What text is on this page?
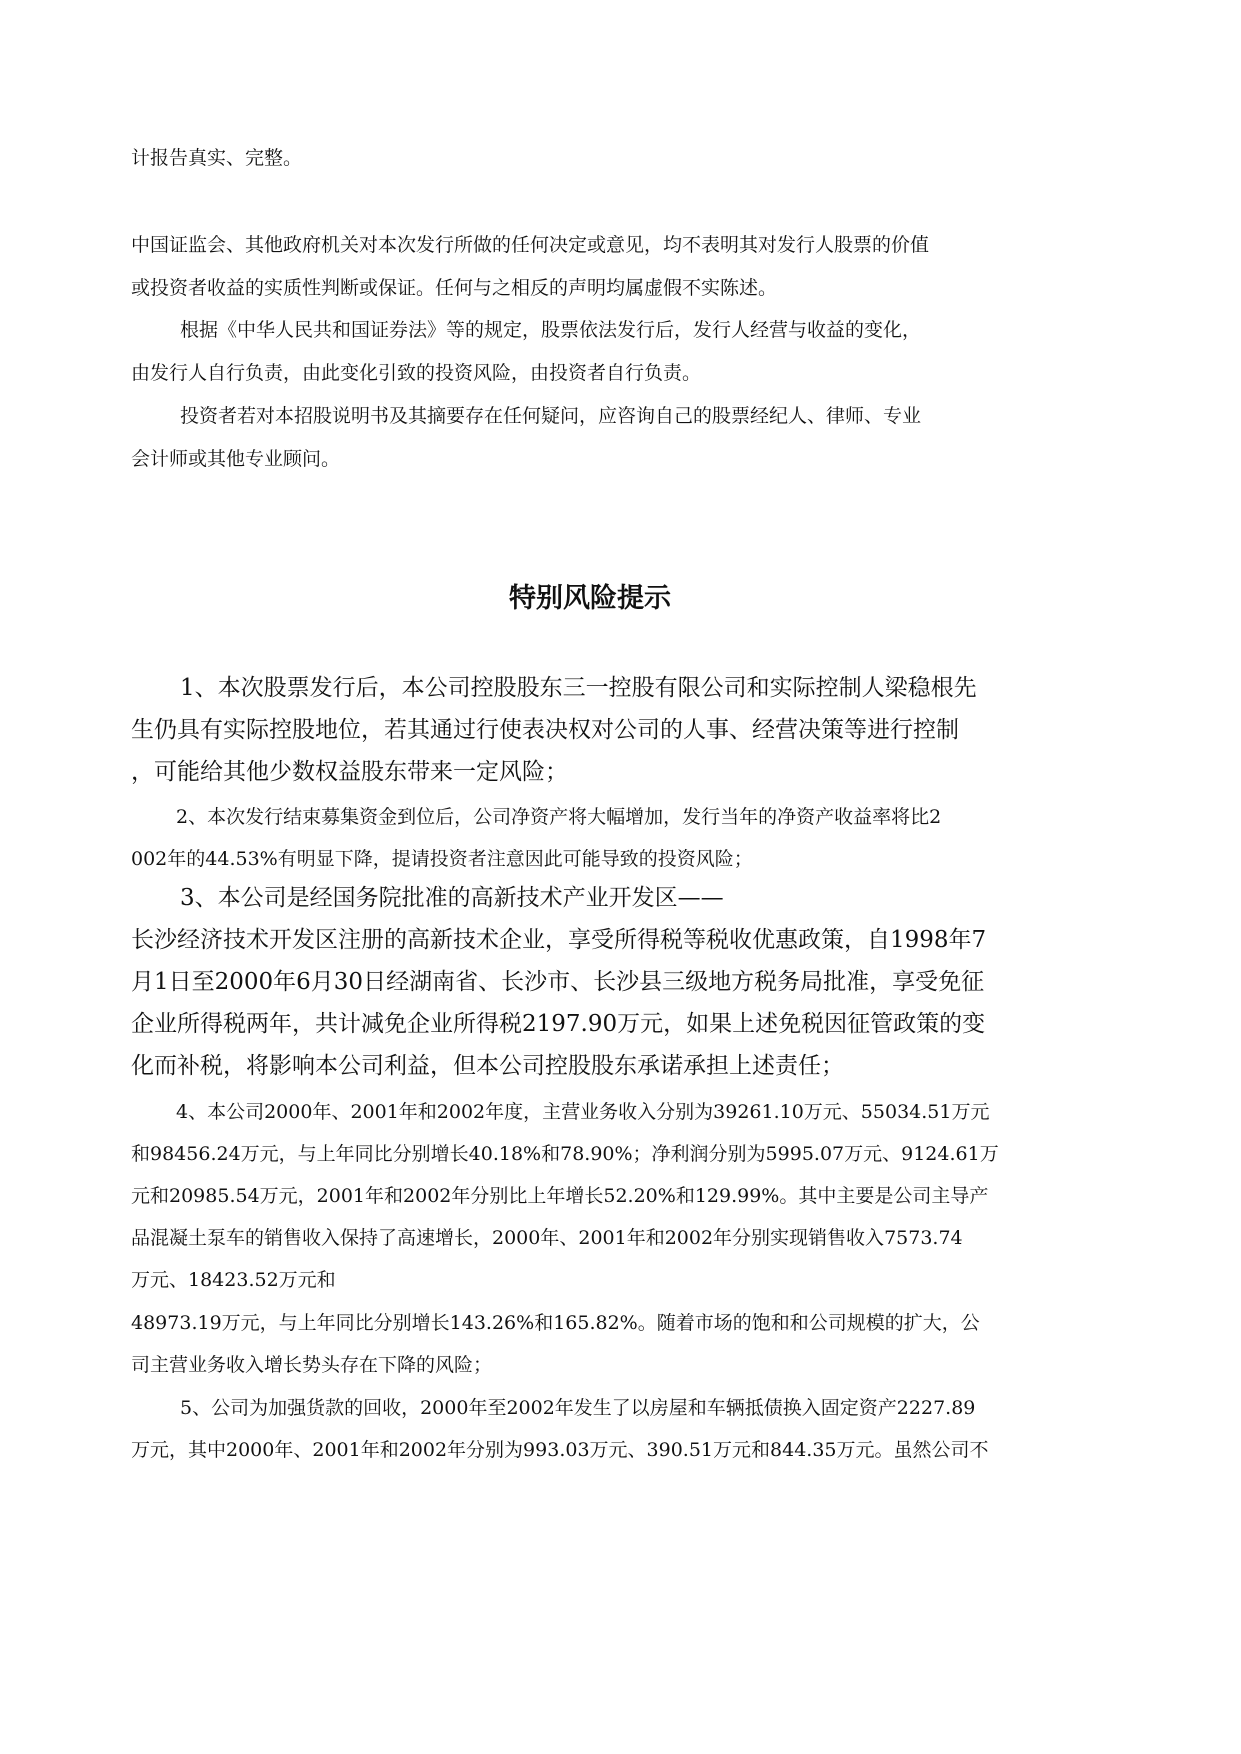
计报告真实、完整。

中国证监会、其他政府机关对本次发行所做的任何决定或意见，均不表明其对发行人股票的价值

或投资者收益的实质性判断或保证。任何与之相反的声明均属虚假不实陈述。

根据《中华人民共和国证券法》等的规定，股票依法发行后，发行人经营与收益的变化，

由发行人自行负责，由此变化引致的投资风险，由投资者自行负责。

投资者若对本招股说明书及其摘要存在任何疑问，应咨询自己的股票经纪人、律师、专业

会计师或其他专业顾问。

特别风险提示

1、本次股票发行后，本公司控股股东三一控股有限公司和实际控制人梁稳根先

生仍具有实际控股地位，若其通过行使表决权对公司的人事、经营决策等进行控制

，可能给其他少数权益股东带来一定风险；

2、本次发行结束募集资金到位后，公司净资产将大幅增加，发行当年的净资产收益率将比2

002年的44.53%有明显下降，提请投资者注意因此可能导致的投资风险；

3、本公司是经国务院批准的高新技术产业开发区——

长沙经济技术开发区注册的高新技术企业，享受所得税等税收优惠政策，自1998年7

月1日至2000年6月30日经湖南省、长沙市、长沙县三级地方税务局批准，享受免征

企业所得税两年，共计减免企业所得税2197.90万元，如果上述免税因征管政策的变

化而补税，将影响本公司利益，但本公司控股股东承诺承担上述责任；

4、本公司2000年、2001年和2002年度，主营业务收入分别为39261.10万元、55034.51万元

和98456.24万元，与上年同比分别增长40.18%和78.90%；净利润分别为5995.07万元、9124.61万

元和20985.54万元，2001年和2002年分别比上年增长52.20%和129.99%。其中主要是公司主导产

品混凝土泵车的销售收入保持了高速增长，2000年、2001年和2002年分别实现销售收入7573.74

万元、18423.52万元和

48973.19万元，与上年同比分别增长143.26%和165.82%。随着市场的饱和和公司规模的扩大，公

司主营业务收入增长势头存在下降的风险；

5、公司为加强货款的回收，2000年至2002年发生了以房屋和车辆抵债换入固定资产2227.89

万元，其中2000年、2001年和2002年分别为993.03万元、390.51万元和844.35万元。虽然公司不
